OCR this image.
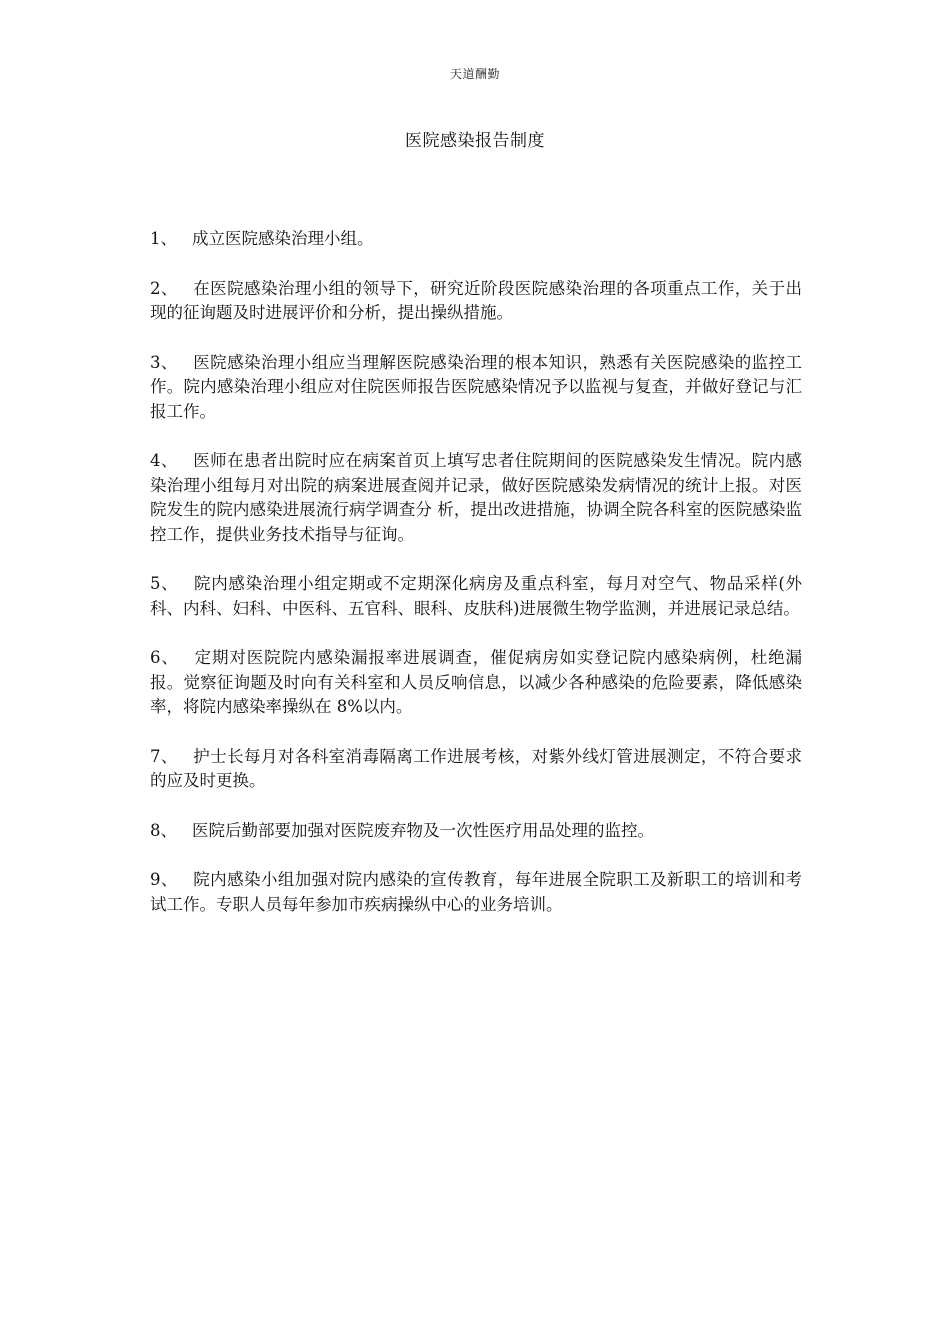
天道酬勤
医院感染报告制度

1、 成立医院感染治理小组。

2、 在医院感染治理小组的领导下，研究近阶段医院感染治理的各项重点工作，关于出现的征询题及时进展评价和分析，提出操纵措施。

3、 医院感染治理小组应当理解医院感染治理的根本知识，熟悉有关医院感染的监控工作。院内感染治理小组应对住院医师报告医院感染情况予以监视与复查，并做好登记与汇报工作。

4、 医师在患者出院时应在病案首页上填写忠者住院期间的医院感染发生情况。院内感染治理小组每月对出院的病案进展查阅并记录，做好医院感染发病情况的统计上报。对医院发生的院内感染进展流行病学调查分 析，提出改进措施，协调全院各科室的医院感染监控工作，提供业务技术指导与征询。

5、 院内感染治理小组定期或不定期深化病房及重点科室，每月对空气、物品采样(外科、内科、妇科、中医科、五官科、眼科、皮肤科)进展微生物学监测，并进展记录总结。

6、 定期对医院院内感染漏报率进展调查，催促病房如实登记院内感染病例，杜绝漏报。觉察征询题及时向有关科室和人员反响信息，以减少各种感染的危险要素，降低感染率，将院内感染率操纵在 8%以内。

7、 护士长每月对各科室消毒隔离工作进展考核，对紫外线灯管进展测定，不符合要求的应及时更换。

8、 医院后勤部要加强对医院废弃物及一次性医疗用品处理的监控。

9、 院内感染小组加强对院内感染的宣传教育，每年进展全院职工及新职工的培训和考试工作。专职人员每年参加市疾病操纵中心的业务培训。
